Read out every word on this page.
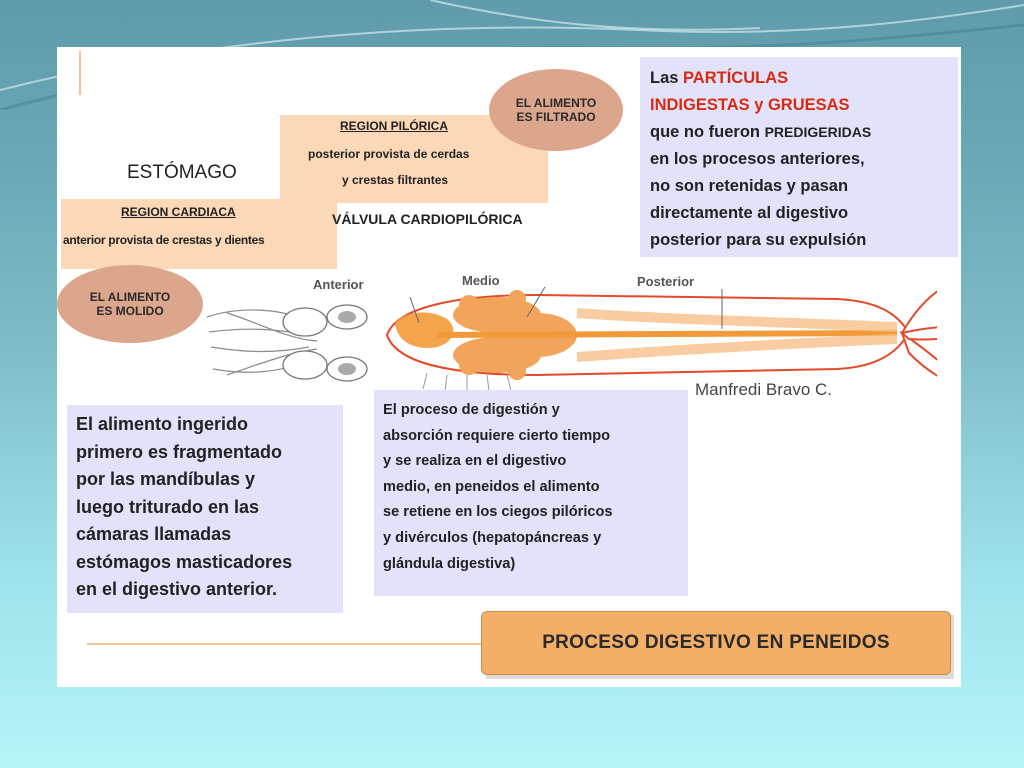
ESTÓMAGO
REGION PILÓRICA
posterior provista de cerdas
y crestas filtrantes
REGION CARDIACA
anterior provista de crestas y dientes
VÁLVULA CARDIOPILÓRICA
EL ALIMENTO
ES FILTRADO
EL ALIMENTO
ES MOLIDO
Las PARTÍCULAS
INDIGESTAS y GRUESAS
que no fueron PREDIGERIDAS
en los procesos anteriores,
no son retenidas y pasan
directamente al digestivo
posterior para su expulsión
Anterior	Medio	Posterior
Manfredi Bravo C.

El alimento ingerido

primero es fragmentado

por las mandíbulas y

luego triturado en las

cámaras llamadas

estómagos masticadores

en el digestivo anterior.

El proceso de digestión y

absorción requiere cierto tiempo

y se realiza en el digestivo

medio, en peneidos el alimento

se retiene en los ciegos pilóricos

y divérculos (hepatopáncreas y

glándula digestiva)

PROCESO DIGESTIVO EN PENEIDOS
